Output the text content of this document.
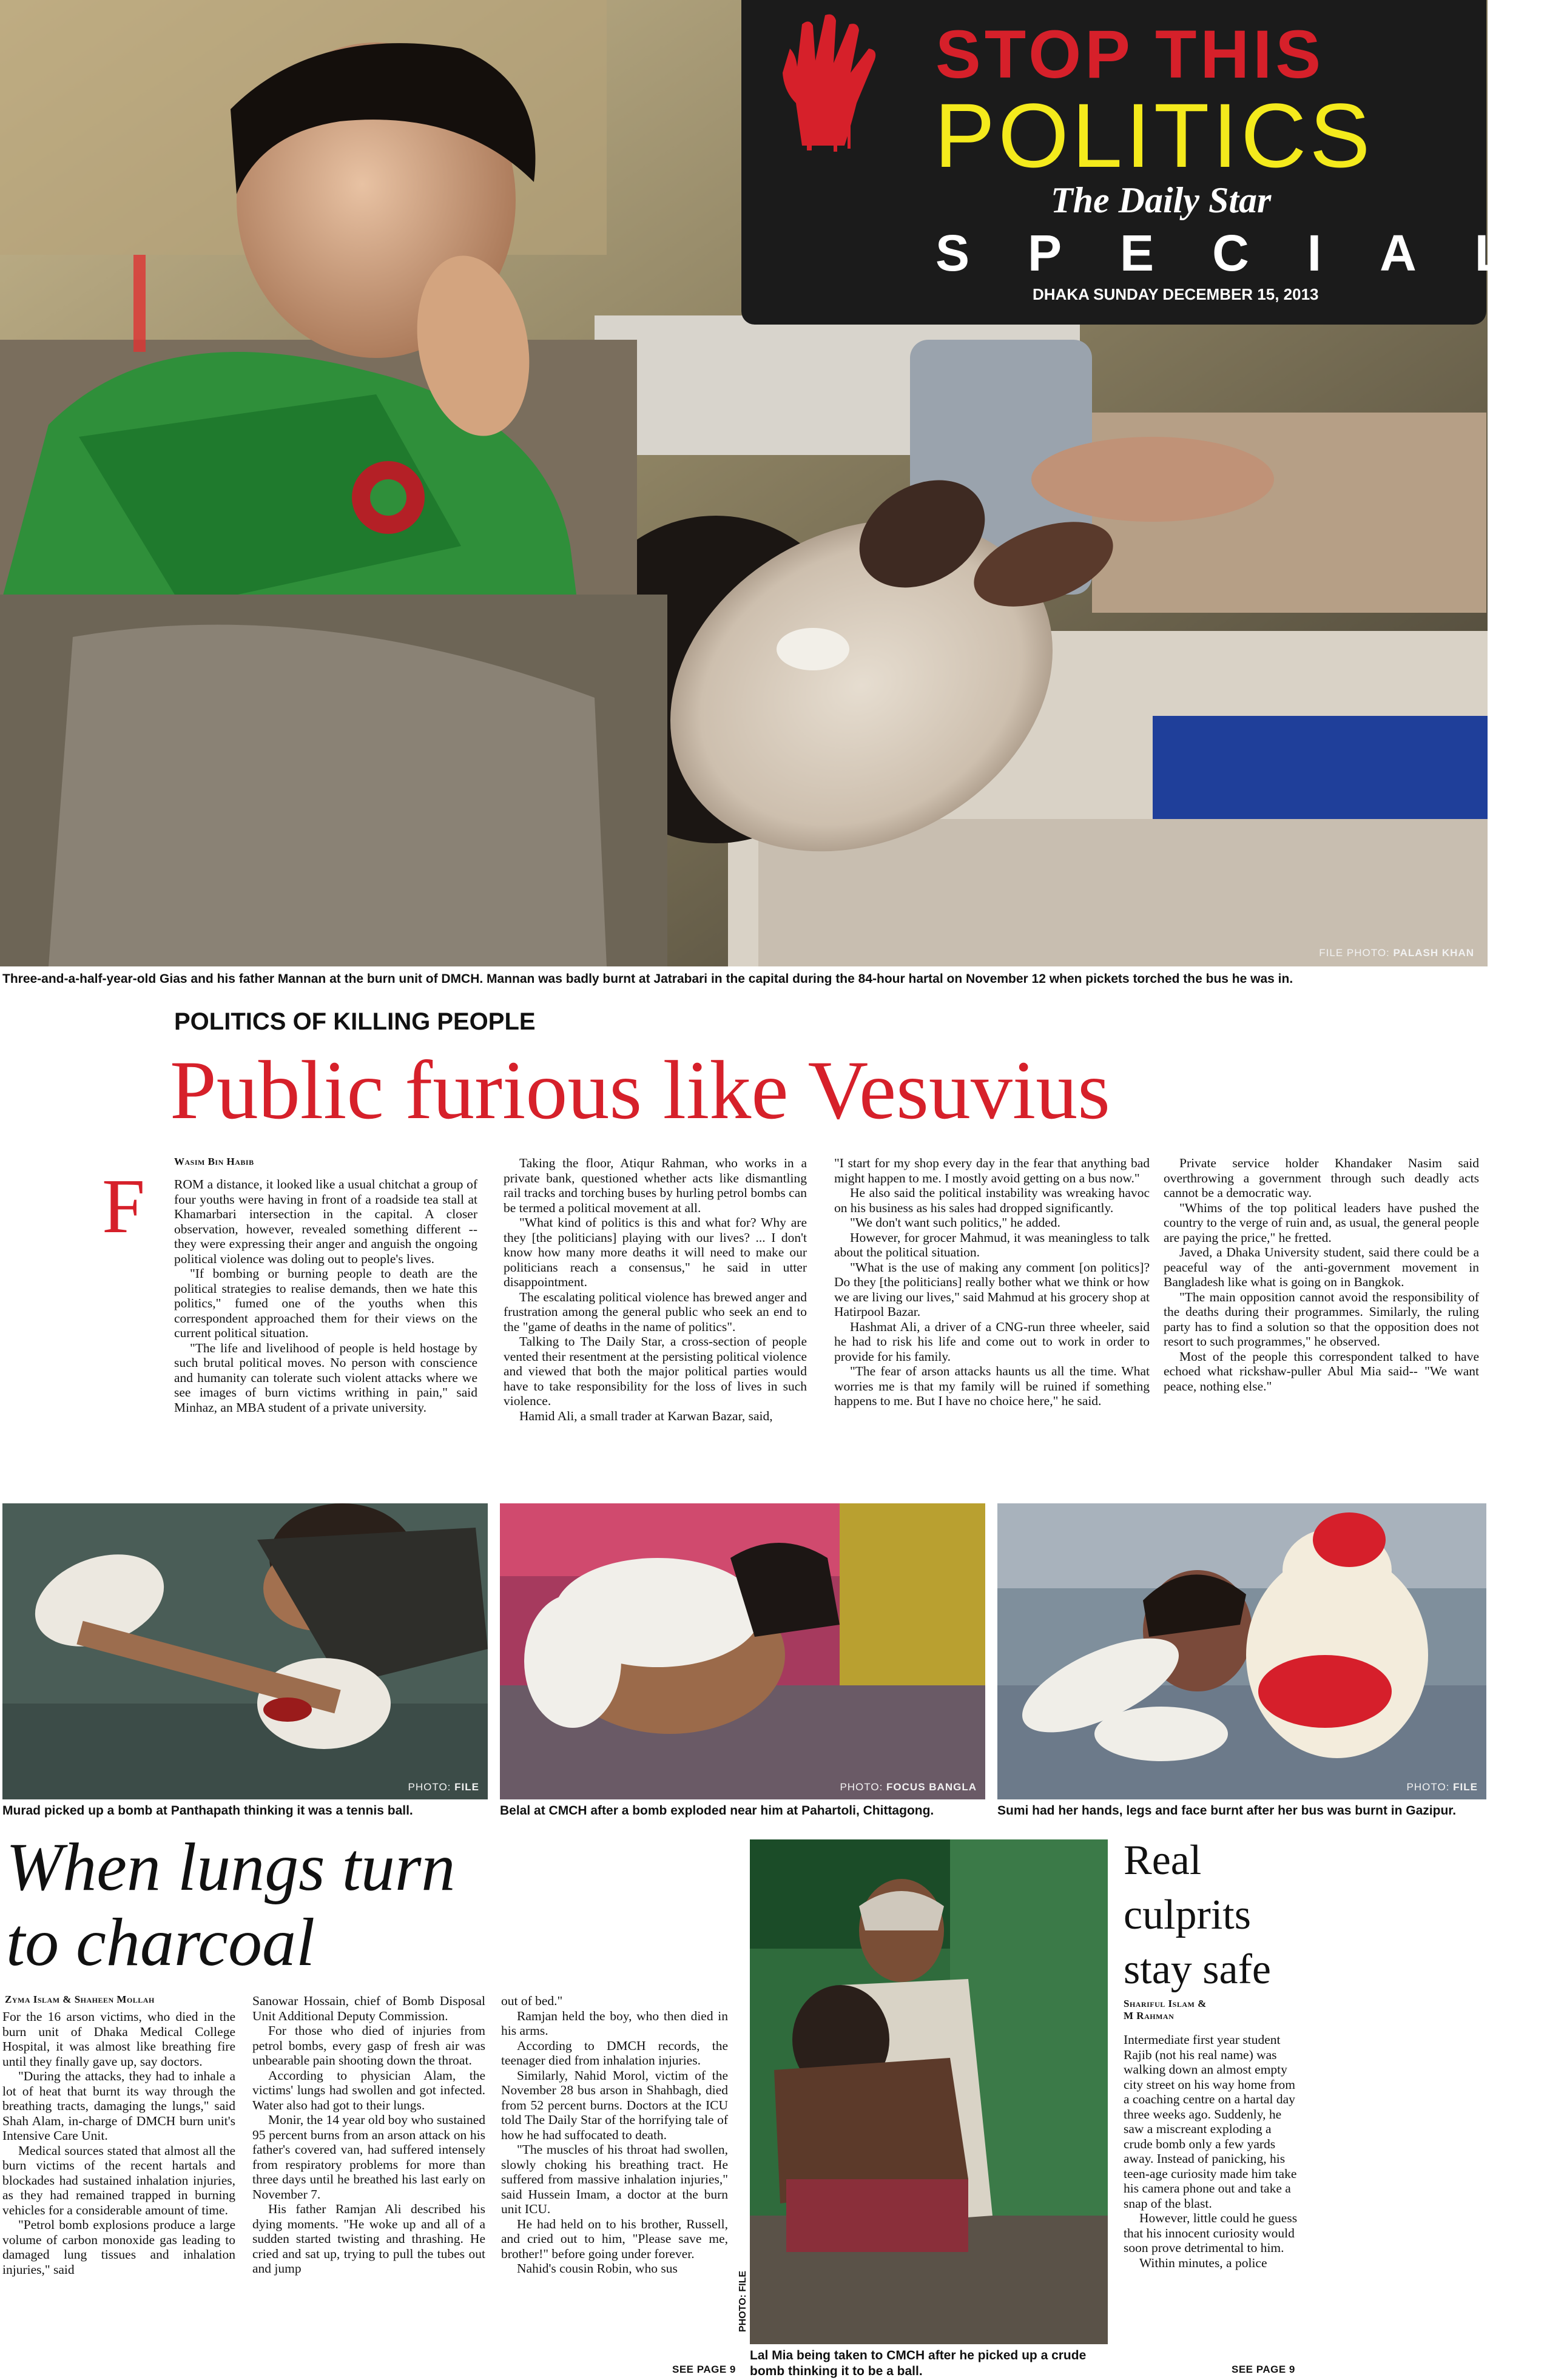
FILE PHOTO: PALASH KHAN
STOP THIS
POLITICS
The Daily Star
SPECIAL
DHAKA SUNDAY DECEMBER 15, 2013
Three-and-a-half-year-old Gias and his father Mannan at the burn unit of DMCH. Mannan was badly burnt at Jatrabari in the capital during the 84-hour hartal on November 12 when pickets torched the bus he was in.
POLITICS OF KILLING PEOPLE
Public furious like Vesuvius
Wasim Bin Habib
F ROM a distance, it looked like a usual chitchat a group of four youths were having in front of a roadside tea stall at Khamarbari intersection in the capital. A closer observation, however, revealed something different -- they were expressing their anger and anguish the ongoing political violence was doling out to people's lives.

"If bombing or burning people to death are the political strategies to realise demands, then we hate this politics," fumed one of the youths when this correspondent approached them for their views on the current political situation.

"The life and livelihood of people is held hostage by such brutal political moves. No person with conscience and humanity can tolerate such violent attacks where we see images of burn victims writhing in pain," said Minhaz, an MBA student of a private university.

Taking the floor, Atiqur Rahman, who works in a private bank, questioned whether acts like dismantling rail tracks and torching buses by hurling petrol bombs can be termed a political movement at all.

"What kind of politics is this and what for? Why are they [the politicians] playing with our lives? ... I don't know how many more deaths it will need to make our politicians reach a consensus," he said in utter disappointment.

The escalating political violence has brewed anger and frustration among the general public who seek an end to the "game of deaths in the name of politics".

Talking to The Daily Star, a cross-section of people vented their resentment at the persisting political violence and viewed that both the major political parties would have to take responsibility for the loss of lives in such violence.

Hamid Ali, a small trader at Karwan Bazar, said,

"I start for my shop every day in the fear that anything bad might happen to me. I mostly avoid getting on a bus now."

He also said the political instability was wreaking havoc on his business as his sales had dropped significantly.

"We don't want such politics," he added.

However, for grocer Mahmud, it was meaningless to talk about the political situation.

"What is the use of making any comment [on politics]? Do they [the politicians] really bother what we think or how we are living our lives," said Mahmud at his grocery shop at Hatirpool Bazar.

Hashmat Ali, a driver of a CNG-run three wheeler, said he had to risk his life and come out to work in order to provide for his family.

"The fear of arson attacks haunts us all the time. What worries me is that my family will be ruined if something happens to me. But I have no choice here," he said.

Private service holder Khandaker Nasim said overthrowing a government through such deadly acts cannot be a democratic way.

"Whims of the top political leaders have pushed the country to the verge of ruin and, as usual, the general people are paying the price," he fretted.

Javed, a Dhaka University student, said there could be a peaceful way of the anti-government movement in Bangladesh like what is going on in Bangkok.

"The main opposition cannot avoid the responsibility of the deaths during their programmes. Similarly, the ruling party has to find a solution so that the opposition does not resort to such programmes," he observed.

Most of the people this correspondent talked to have echoed what rickshaw-puller Abul Mia said-- "We want peace, nothing else."

PHOTO: FILE
Murad picked up a bomb at Panthapath thinking it was a tennis ball.
PHOTO: FOCUS BANGLA
Belal at CMCH after a bomb exploded near him at Pahartoli, Chittagong.
PHOTO: FILE
Sumi had her hands, legs and face burnt after her bus was burnt in Gazipur.
When lungs turn
to charcoal
Zyma Islam & Shaheen Mollah

For the 16 arson victims, who died in the burn unit of Dhaka Medical College Hospital, it was almost like breathing fire until they finally gave up, say doctors.

"During the attacks, they had to inhale a lot of heat that burnt its way through the breathing tracts, damaging the lungs," said Shah Alam, in-charge of DMCH burn unit's Intensive Care Unit.

Medical sources stated that almost all the burn victims of the recent hartals and blockades had sustained inhalation injuries, as they had remained trapped in burning vehicles for a considerable amount of time.

"Petrol bomb explosions produce a large volume of carbon monoxide gas leading to damaged lung tissues and inhalation injuries," said

Sanowar Hossain, chief of Bomb Disposal Unit Additional Deputy Commission.

For those who died of injuries from petrol bombs, every gasp of fresh air was unbearable pain shooting down the throat.

According to physician Alam, the victims' lungs had swollen and got infected. Water also had got to their lungs.

Monir, the 14 year old boy who sustained 95 percent burns from an arson attack on his father's covered van, had suffered intensely from respiratory problems for more than three days until he breathed his last early on November 7.

His father Ramjan Ali described his dying moments. "He woke up and all of a sudden started twisting and thrashing. He cried and sat up, trying to pull the tubes out and jump

out of bed."

Ramjan held the boy, who then died in his arms.

According to DMCH records, the teenager died from inhalation injuries.

Similarly, Nahid Morol, victim of the November 28 bus arson in Shahbagh, died from 52 percent burns. Doctors at the ICU told The Daily Star of the horrifying tale of how he had suffocated to death.

"The muscles of his throat had swollen, slowly choking his breathing tract. He suffered from massive inhalation injuries," said Hussein Imam, a doctor at the burn unit ICU.

He had held on to his brother, Russell, and cried out to him, "Please save me, brother!" before going under forever.

Nahid's cousin Robin, who sus

SEE PAGE 9
PHOTO: FILE
Lal Mia being taken to CMCH after he picked up a crude bomb thinking it to be a ball.
Real culprits stay safe
Shariful Islam &
M Rahman

Intermediate first year student Rajib (not his real name) was walking down an almost empty city street on his way home from a coaching centre on a hartal day three weeks ago. Suddenly, he saw a miscreant exploding a crude bomb only a few yards away. Instead of panicking, his teen-age curiosity made him take his camera phone out and take a snap of the blast.

However, little could he guess that his innocent curiosity would soon prove detrimental to him.

Within minutes, a police

SEE PAGE 9
